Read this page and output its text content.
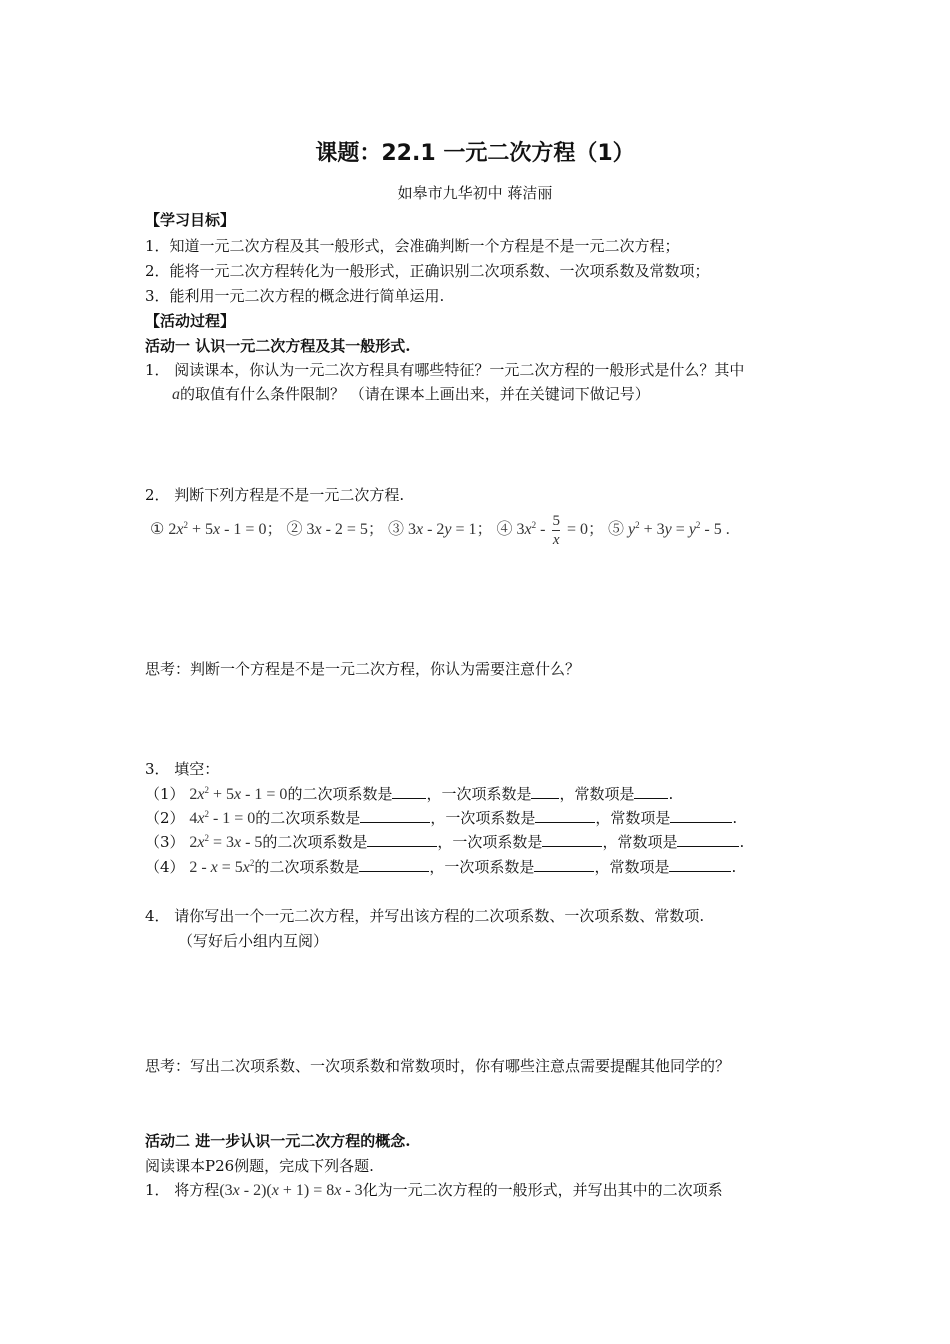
课题：22.1 一元二次方程（1）
如皋市九华初中 蒋洁丽
【学习目标】
1．知道一元二次方程及其一般形式，会准确判断一个方程是不是一元二次方程；
2．能将一元二次方程转化为一般形式，正确识别二次项系数、一次项系数及常数项；
3．能利用一元二次方程的概念进行简单运用.
【活动过程】
活动一 认识一元二次方程及其一般形式.
1． 阅读课本，你认为一元二次方程具有哪些特征？一元二次方程的一般形式是什么？其中
a的取值有什么条件限制？ （请在课本上画出来，并在关键词下做记号）
2． 判断下列方程是不是一元二次方程.
① $2x^2 + 5x - 1 = 0$； ② 3x - 2 = 5； ③ 3x - 2y = 1； ④ $3x^2 - \frac{5}{x} = 0$； ⑤ $y^2 + 3y = y^2 - 5$ .
思考：判断一个方程是不是一元二次方程，你认为需要注意什么？
3． 填空：
（1） $2x^2 + 5x - 1 = 0$的二次项系数是 ，一次项系数是 ，常数项是 .
（2） $4x^2 - 1 = 0$的二次项系数是	，一次项系数是	，常数项是	.
（3） $2x^2 = 3x - 5$的二次项系数是	，一次项系数是	，常数项是	.
（4） $2 - x = 5x^2$的二次项系数是	，一次项系数是	，常数项是	.
4． 请你写出一个一元二次方程，并写出该方程的二次项系数、一次项系数、常数项.
（写好后小组内互阅）
思考：写出二次项系数、一次项系数和常数项时，你有哪些注意点需要提醒其他同学的？
活动二 进一步认识一元二次方程的概念.
阅读课本P26例题，完成下列各题.
1． 将方程(3x - 2)(x + 1) = 8x - 3化为一元二次方程的一般形式，并写出其中的二次项系
